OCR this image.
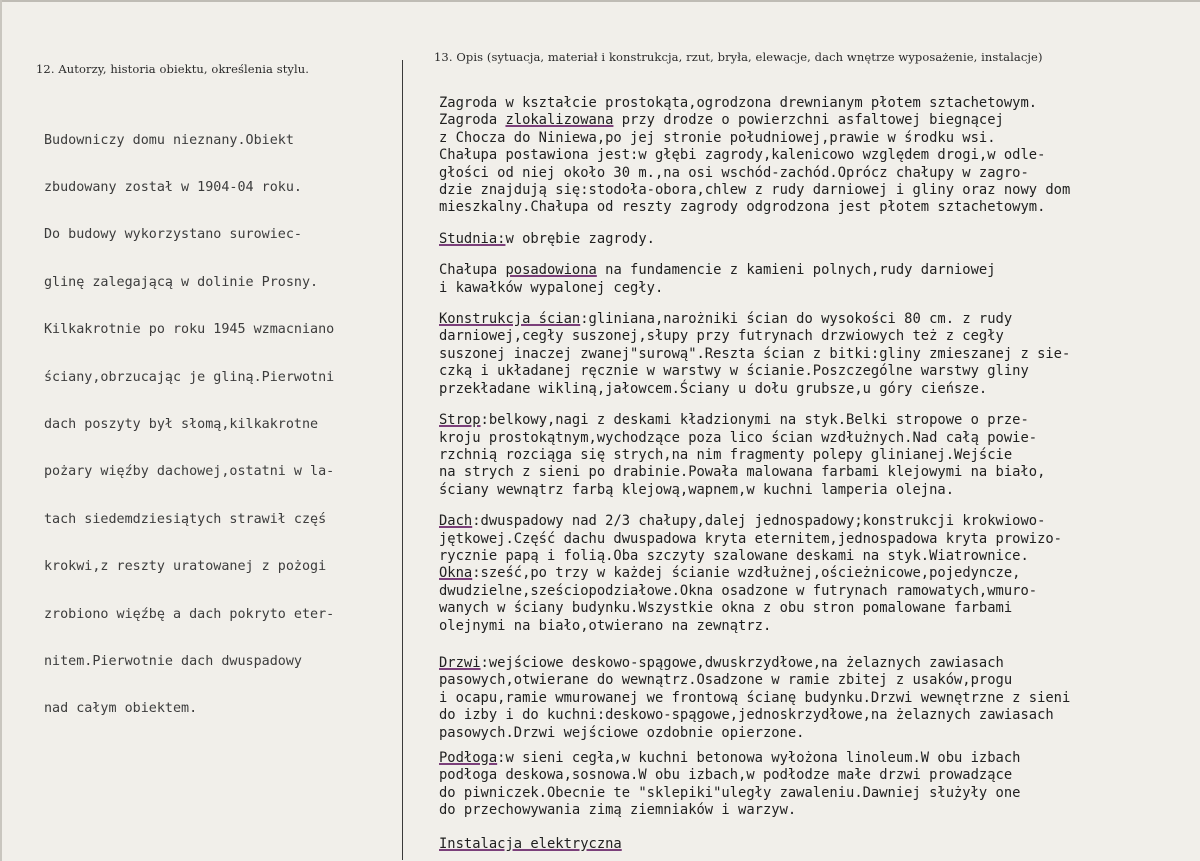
12. Autorzy, historia obiektu, określenia stylu.
13. Opis (sytuacja, materiał i konstrukcja, rzut, bryła, elewacje, dach wnętrze wyposażenie, instalacje)

Budowniczy domu nieznany.Obiekt

zbudowany został w 1904-04 roku.

Do budowy wykorzystano surowiec-

glinę zalegającą w dolinie Prosny.

Kilkakrotnie po roku 1945 wzmacniano

ściany,obrzucając je gliną.Pierwotni

dach poszyty był słomą,kilkakrotne

pożary więźby dachowej,ostatni w la-

tach siedemdziesiątych strawił częś

krokwi,z reszty uratowanej z pożogi

zrobiono więźbę a dach pokryto eter-

nitem.Pierwotnie dach dwuspadowy

nad całym obiektem.

Zagroda w kształcie prostokąta,ogrodzona drewnianym płotem sztachetowym.
Zagroda zlokalizowana przy drodze o powierzchni asfaltowej biegnącej
z Chocza do Niniewa,po jej stronie południowej,prawie w środku wsi.
Chałupa postawiona jest:w głębi zagrody,kalenicowo względem drogi,w odle-
głości od niej około 30 m.,na osi wschód-zachód.Oprócz chałupy w zagro-
dzie znajdują się:stodoła-obora,chlew z rudy darniowej i gliny oraz nowy dom
mieszkalny.Chałupa od reszty zagrody odgrodzona jest płotem sztachetowym.
Studnia:w obrębie zagrody.
Chałupa posadowiona na fundamencie z kamieni polnych,rudy darniowej
i kawałków wypalonej cegły.
Konstrukcja ścian:gliniana,narożniki ścian do wysokości 80 cm. z rudy
darniowej,cegły suszonej,słupy przy futrynach drzwiowych też z cegły
suszonej inaczej zwanej"surową".Reszta ścian z bitki:gliny zmieszanej z sie-
czką i układanej ręcznie w warstwy w ścianie.Poszczególne warstwy gliny
przekładane wikliną,jałowcem.Ściany u dołu grubsze,u góry cieńsze.
Strop:belkowy,nagi z deskami kładzionymi na styk.Belki stropowe o prze-
kroju prostokątnym,wychodzące poza lico ścian wzdłużnych.Nad całą powie-
rzchnią rozciąga się strych,na nim fragmenty polepy glinianej.Wejście
na strych z sieni po drabinie.Powała malowana farbami klejowymi na biało,
ściany wewnątrz farbą klejową,wapnem,w kuchni lamperia olejna.
Dach:dwuspadowy nad 2/3 chałupy,dalej jednospadowy;konstrukcji krokwiowo-
jętkowej.Część dachu dwuspadowa kryta eternitem,jednospadowa kryta prowizo-
rycznie papą i folią.Oba szczyty szalowane deskami na styk.Wiatrownice.
Okna:sześć,po trzy w każdej ścianie wzdłużnej,ościeżnicowe,pojedyncze,
dwudzielne,sześciopodziałowe.Okna osadzone w futrynach ramowatych,wmuro-
wanych w ściany budynku.Wszystkie okna z obu stron pomalowane farbami
olejnymi na biało,otwierano na zewnątrz.
Drzwi:wejściowe deskowo-spągowe,dwuskrzydłowe,na żelaznych zawiasach
pasowych,otwierane do wewnątrz.Osadzone w ramie zbitej z usaków,progu
i ocapu,ramie wmurowanej we frontową ścianę budynku.Drzwi wewnętrzne z sieni
do izby i do kuchni:deskowo-spągowe,jednoskrzydłowe,na żelaznych zawiasach
pasowych.Drzwi wejściowe ozdobnie opierzone.
Podłoga:w sieni cegła,w kuchni betonowa wyłożona linoleum.W obu izbach
podłoga deskowa,sosnowa.W obu izbach,w podłodze małe drzwi prowadzące
do piwniczek.Obecnie te "sklepiki"uległy zawaleniu.Dawniej służyły one
do przechowywania zimą ziemniaków i warzyw.
Instalacja elektryczna
